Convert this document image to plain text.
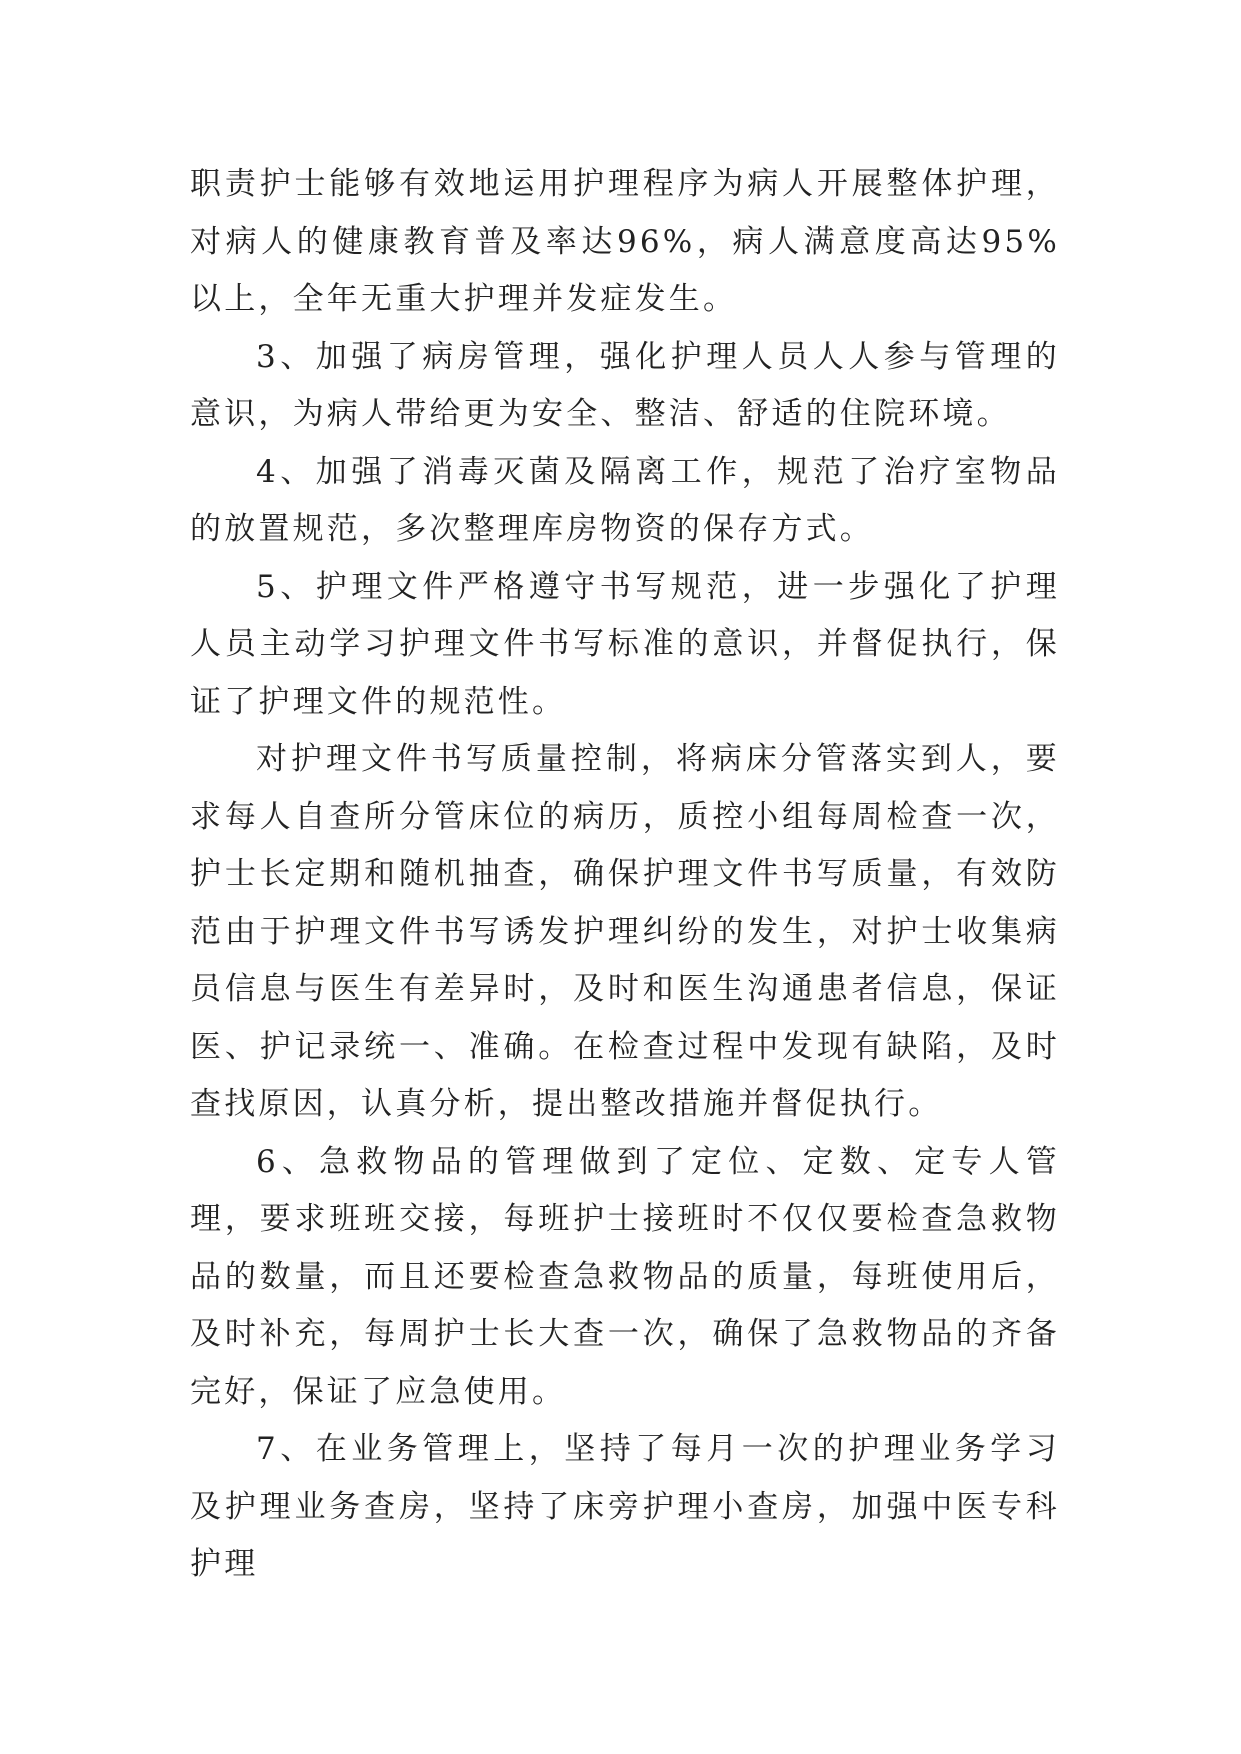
职责护士能够有效地运用护理程序为病人开展整体护理，对病人的健康教育普及率达96%，病人满意度高达95%以上，全年无重大护理并发症发生。

3、加强了病房管理，强化护理人员人人参与管理的意识，为病人带给更为安全、整洁、舒适的住院环境。

4、加强了消毒灭菌及隔离工作，规范了治疗室物品的放置规范，多次整理库房物资的保存方式。

5、护理文件严格遵守书写规范，进一步强化了护理人员主动学习护理文件书写标准的意识，并督促执行，保证了护理文件的规范性。

对护理文件书写质量控制，将病床分管落实到人，要求每人自查所分管床位的病历，质控小组每周检查一次，护士长定期和随机抽查，确保护理文件书写质量，有效防范由于护理文件书写诱发护理纠纷的发生，对护士收集病员信息与医生有差异时，及时和医生沟通患者信息，保证医、护记录统一、准确。在检查过程中发现有缺陷，及时查找原因，认真分析，提出整改措施并督促执行。

6、急救物品的管理做到了定位、定数、定专人管理，要求班班交接，每班护士接班时不仅仅要检查急救物品的数量，而且还要检查急救物品的质量，每班使用后，及时补充，每周护士长大查一次，确保了急救物品的齐备完好，保证了应急使用。

7、在业务管理上，坚持了每月一次的护理业务学习及护理业务查房，坚持了床旁护理小查房，加强中医专科护理
